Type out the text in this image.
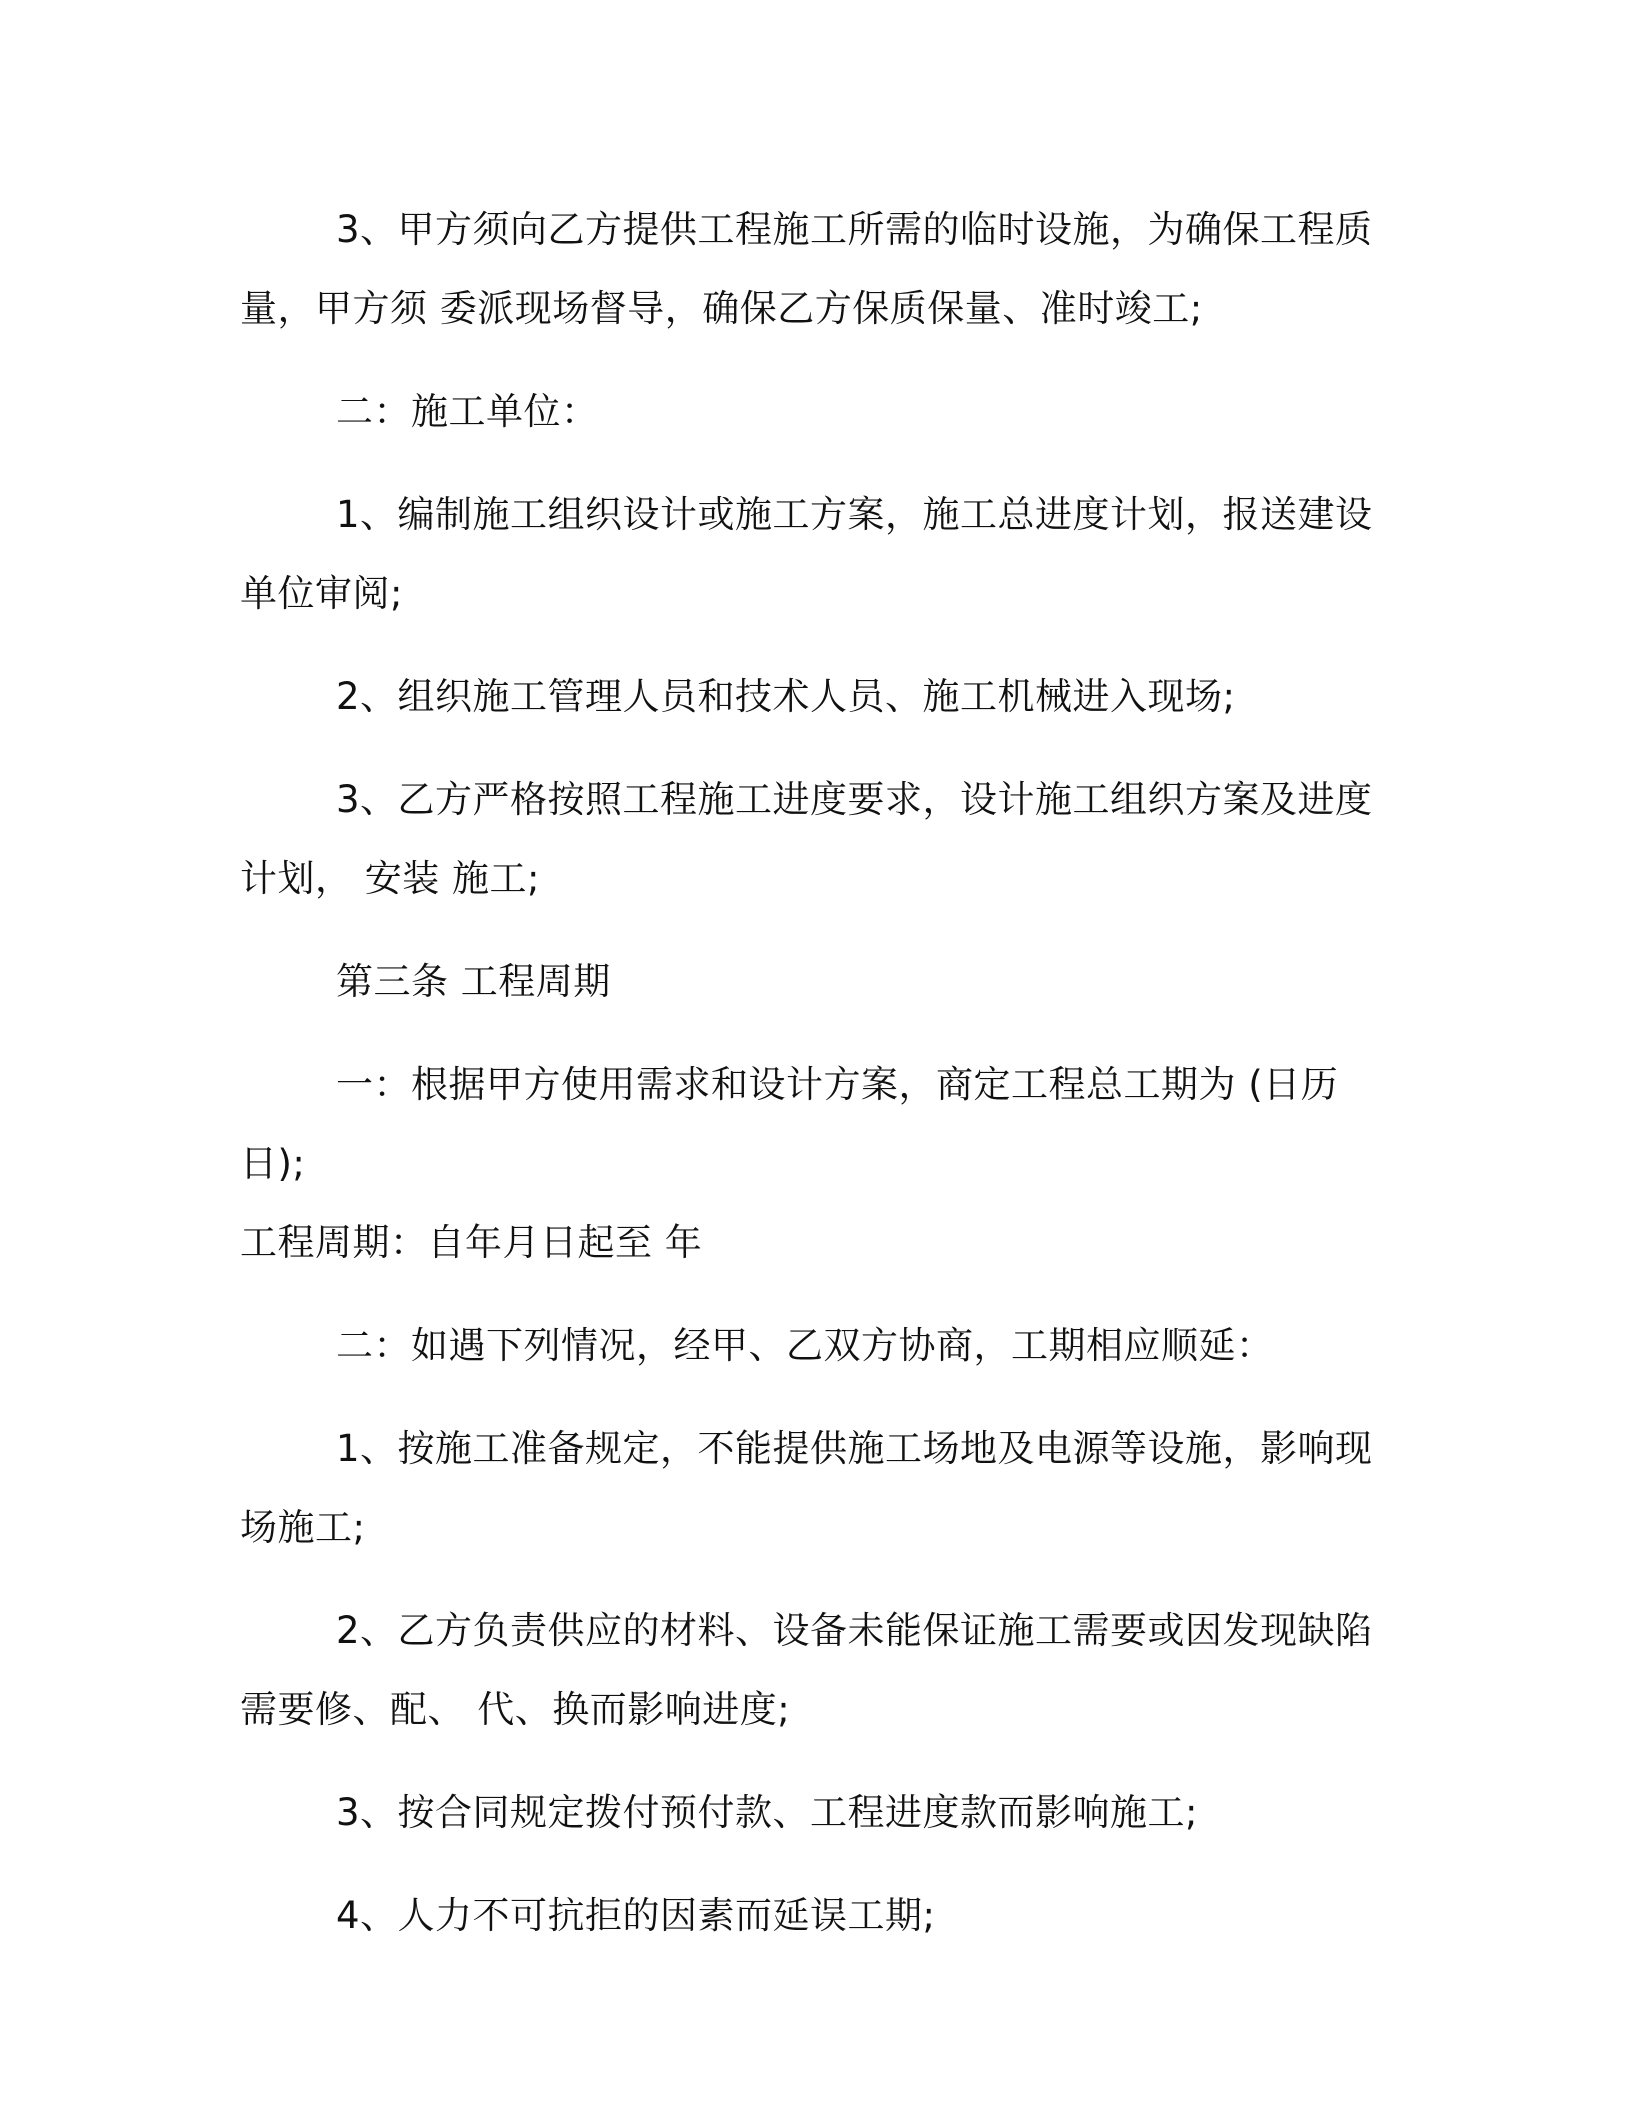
3、甲方须向乙方提供工程施工所需的临时设施，为确保工程质
量，甲方须 委派现场督导，确保乙方保质保量、准时竣工;

二：施工单位：

1、编制施工组织设计或施工方案，施工总进度计划，报送建设
单位审阅;

2、组织施工管理人员和技术人员、施工机械进入现场;

3、乙方严格按照工程施工进度要求，设计施工组织方案及进度
计划， 安装 施工;

第三条 工程周期

一：根据甲方使用需求和设计方案，商定工程总工期为 (日历日);
工程周期：自年月日起至 年

二：如遇下列情况，经甲、乙双方协商，工期相应顺延：

1、按施工准备规定，不能提供施工场地及电源等设施，影响现
场施工;

2、乙方负责供应的材料、设备未能保证施工需要或因发现缺陷
需要修、配、 代、换而影响进度;

3、按合同规定拨付预付款、工程进度款而影响施工;

4、人力不可抗拒的因素而延误工期;
